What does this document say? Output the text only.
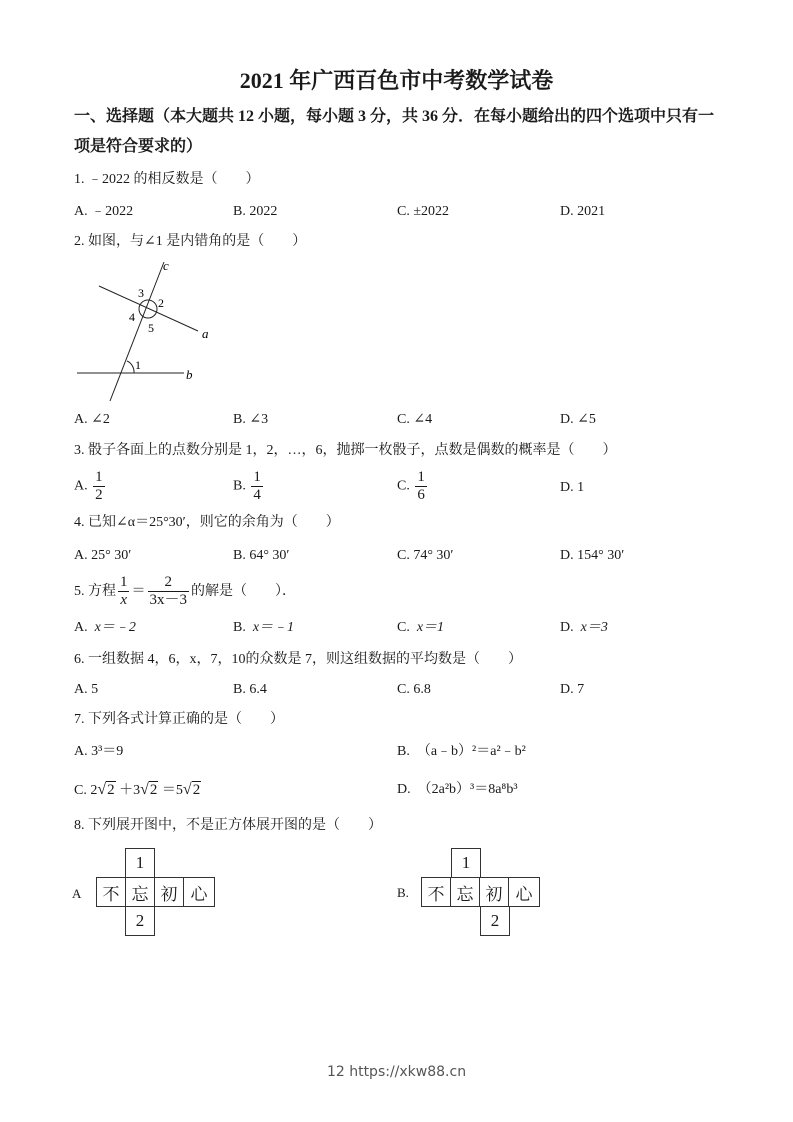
2021 年广西百色市中考数学试卷
一、选择题（本大题共 12 小题，每小题 3 分，共 36 分．在每小题给出的四个选项中只有一
项是符合要求的）
1. ﹣2022 的相反数是（　　）
A. ﹣2022	B. 2022	C. ±2022	D. 2021
2. 如图，与∠1 是内错角的是（　　）
c
a
b
3
2
4
5
1
A. ∠2	B. ∠3	C. ∠4	D. ∠5
3. 骰子各面上的点数分别是 1，2，…，6，抛掷一枚骰子，点数是偶数的概率是（　　）
A. $\frac{1}{2}$	B. $\frac{1}{4}$	C. $\frac{1}{6}$	D. 1
4. 已知∠α＝25°30′，则它的余角为（　　）
A. 25° 30′	B. 64° 30′	C. 74° 30′	D. 154° 30′
5. 方程 $\frac{1}{x} = \frac{2}{3x-3}$ 的解是（　　）．
A. x＝﹣2	B. x＝﹣1	C. x＝1	D. x＝3
6. 一组数据 4，6，x，7，10的众数是 7，则这组数据的平均数是（　　）
A. 5	B. 6.4	C. 6.8	D. 7
7. 下列各式计算正确的是（　　）
A. 3³＝9	B.　（a﹣b）²＝a²﹣b²
C. 2√2 ＋3√2 ＝5√2	D.　（2a²b）³＝8a⁸b³
8. 下列展开图中，不是正方体展开图的是（　　）
A
1
不 忘 初 心
2
B.
1
不 忘 初 心
2
12 https://xkw88.cn
